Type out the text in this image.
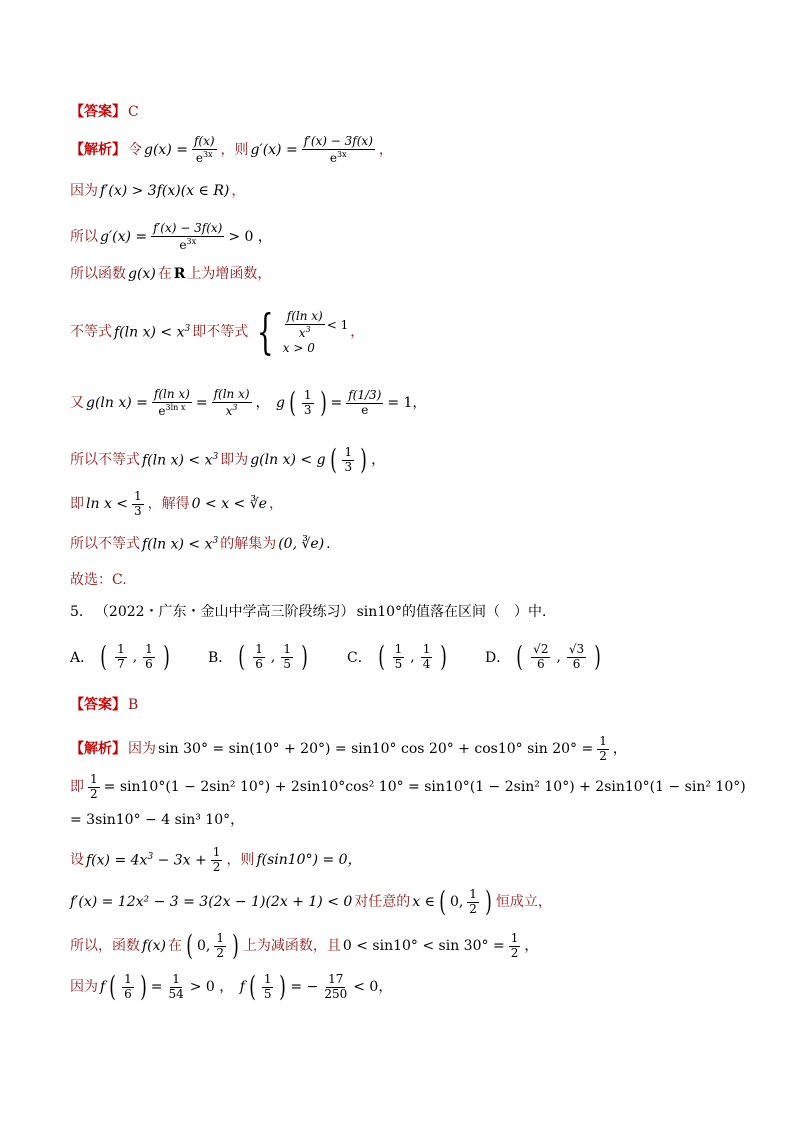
【答案】 C
【解析】 令 $g(x) = \frac{f(x)}{e^{3x}}$ ，则 $g'(x) = \frac{f'(x) - 3f(x)}{e^{3x}}$ ，
因为 f′(x) > 3f(x)(x ∈ R) ，
所以 $g'(x) = \frac{f'(x) - 3f(x)}{e^{3x}} > 0$ ，
所以函数 g(x) 在 R 上为增函数，
不等式 f(ln $x) < x^3$ 即不等式 { $\frac{\text{f(ln x)}}{x^3} < 1$
x > 0
，
又 g(ln $x) = \frac{\text{f(ln x)}}{e^{3ln x}} = \frac{\text{f(ln x)}}{x^3}$ ， g ( $\frac{1}{3}$ ) = $\frac{f(1/3)}{e} = 1$，
所以不等式 f(ln $x) < x^3$ 即为 g(ln x) < g ( $\frac{1}{3}$ ) ，
即 $\ln x < \frac{1}{3}$ ，解得 0 < x < ∛e ，
所以不等式 f(ln $x) < x^3$ 的解集为 (0, ∛e) .
故选：C.
5． （2022・广东・金山中学高三阶段练习） sin10°的值落在区间（　）中．
A． ( $\frac{1}{7}$ , $\frac{1}{6}$ )	B． ( $\frac{1}{6}$ , $\frac{1}{5}$ )	C． ( $\frac{1}{5}$ , $\frac{1}{4}$ )	D． ( $\frac{√2}{6}$ , $\frac{√3}{6}$ )
【答案】 B
【解析】 因为 sin 30° = sin(10° + 20°) = sin10° cos 20° + cos10° $\sin 20^\circ = \frac{1}{2}$ ，
即 $\frac{1}{2} = \sin 10^\circ(1 - 2\sin^2$ 10°) + 2sin10°cos² 10° = sin10°(1 − 2sin² 10°) + 2sin10°(1 − sin² 10°)
= 3sin10° − 4 sin³ 10°，
设 $f(x) = 4x^3 - 3x + \frac{1}{2}$ ，则 f(sin10°) = 0，
f′(x) = 12x² − 3 = 3(2x − 1)(2x + 1) < 0 对任意的 x ∈ ( 0, $\frac{1}{2}$ ) 恒成立，
所以，函数 f(x) 在 ( 0, $\frac{1}{2}$ ) 上为减函数，且 $0 < \sin 10^\circ < \sin 30^\circ = \frac{1}{2}$ ，
因为 f ( $\frac{1}{6}$ ) = $\frac{1}{54} > 0$ ， f ( $\frac{1}{5}$ ) = − $\frac{17}{250} < 0$，
